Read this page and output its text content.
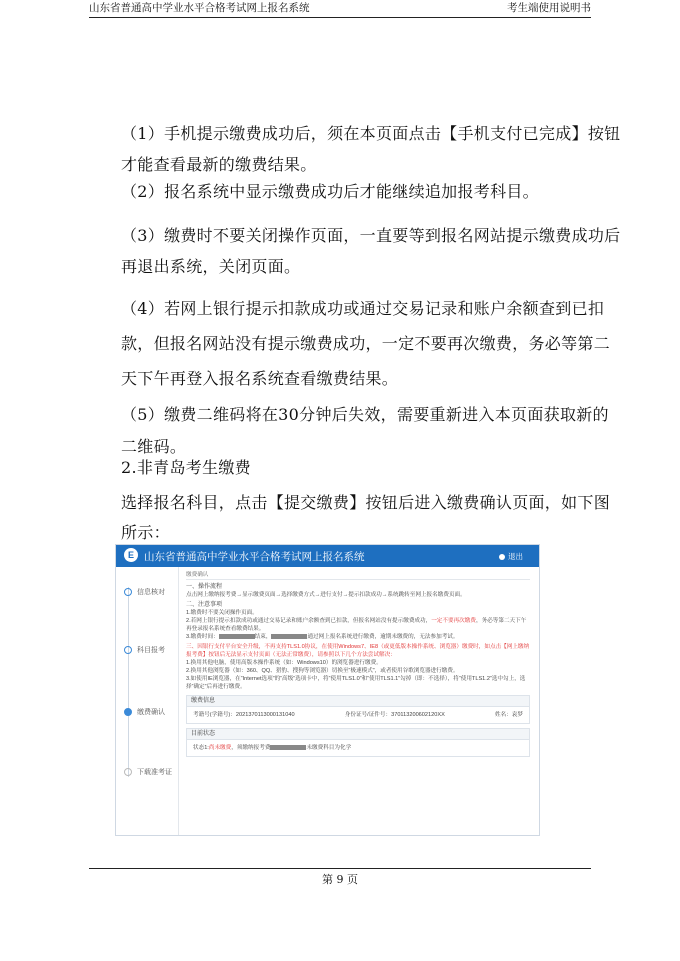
山东省普通高中学业水平合格考试网上报名系统	考生端使用说明书
（1）手机提示缴费成功后，须在本页面点击【手机支付已完成】按钮才能查看最新的缴费结果。
（2）报名系统中显示缴费成功后才能继续追加报考科目。
（3）缴费时不要关闭操作页面，一直要等到报名网站提示缴费成功后再退出系统，关闭页面。
（4）若网上银行提示扣款成功或通过交易记录和账户余额查到已扣款，但报名网站没有提示缴费成功，一定不要再次缴费，务必等第二天下午再登入报名系统查看缴费结果。
（5）缴费二维码将在30分钟后失效，需要重新进入本页面获取新的二维码。
2.非青岛考生缴费
选择报名科目，点击【提交缴费】按钮后进入缴费确认页面，如下图所示：
E 山东省普通高中学业水平合格考试网上报名系统	退出
信息核对
科目报考
缴费确认
下载准考证
缴费确认
一、操作流程
点击网上缴纳报考费→显示缴费页面→选择缴费方式→进行支付→提示扣款成功→系统跳转至网上报名缴费页面。
二、注意事项
1.缴费时不要关闭操作页面。
2.若网上银行提示扣款成功或通过交易记录和账户余额查到已扣款，但报名网站没有提示缴费成功，一定不要再次缴费，务必等第二天下午再登录报名系统查看缴费结果。
3.缴费时间：	结束，	通过网上报名系统进行缴费，逾期未缴费的，无法参加考试。
三、因银行支付平台安全升级，不再支持TLS1.0协议，在使用Windows7、IE8（或更低版本操作系统、浏览器）缴费时，如点击【网上缴纳报考费】按钮后无法显示支付页面（无法正常缴费），请参照以下几个方法尝试解决：
1.换用其他电脑，使用高版本操作系统（如：Windows10）的浏览器进行缴费。
2.换用其他浏览器（如：360、QQ、猎豹、搜狗等浏览器）切换至“极速模式”，或者使用谷歌浏览器进行缴费。
3.如使用IE浏览器，在“Internet选项”的“高级”选项卡中，将“使用TLS1.0”和“使用TLS1.1”勾掉（即：不选择），将“使用TLS1.2”选中勾上，选择“确定”后再进行缴费。
缴费信息
考籍号(学籍号)：2021370113000131040	身份证号/证件号：370113200602120XX	姓名：袁梦
目前状态
状态1:尚未缴费，须缴纳报考费	未缴费科目为化学
第 9 页
